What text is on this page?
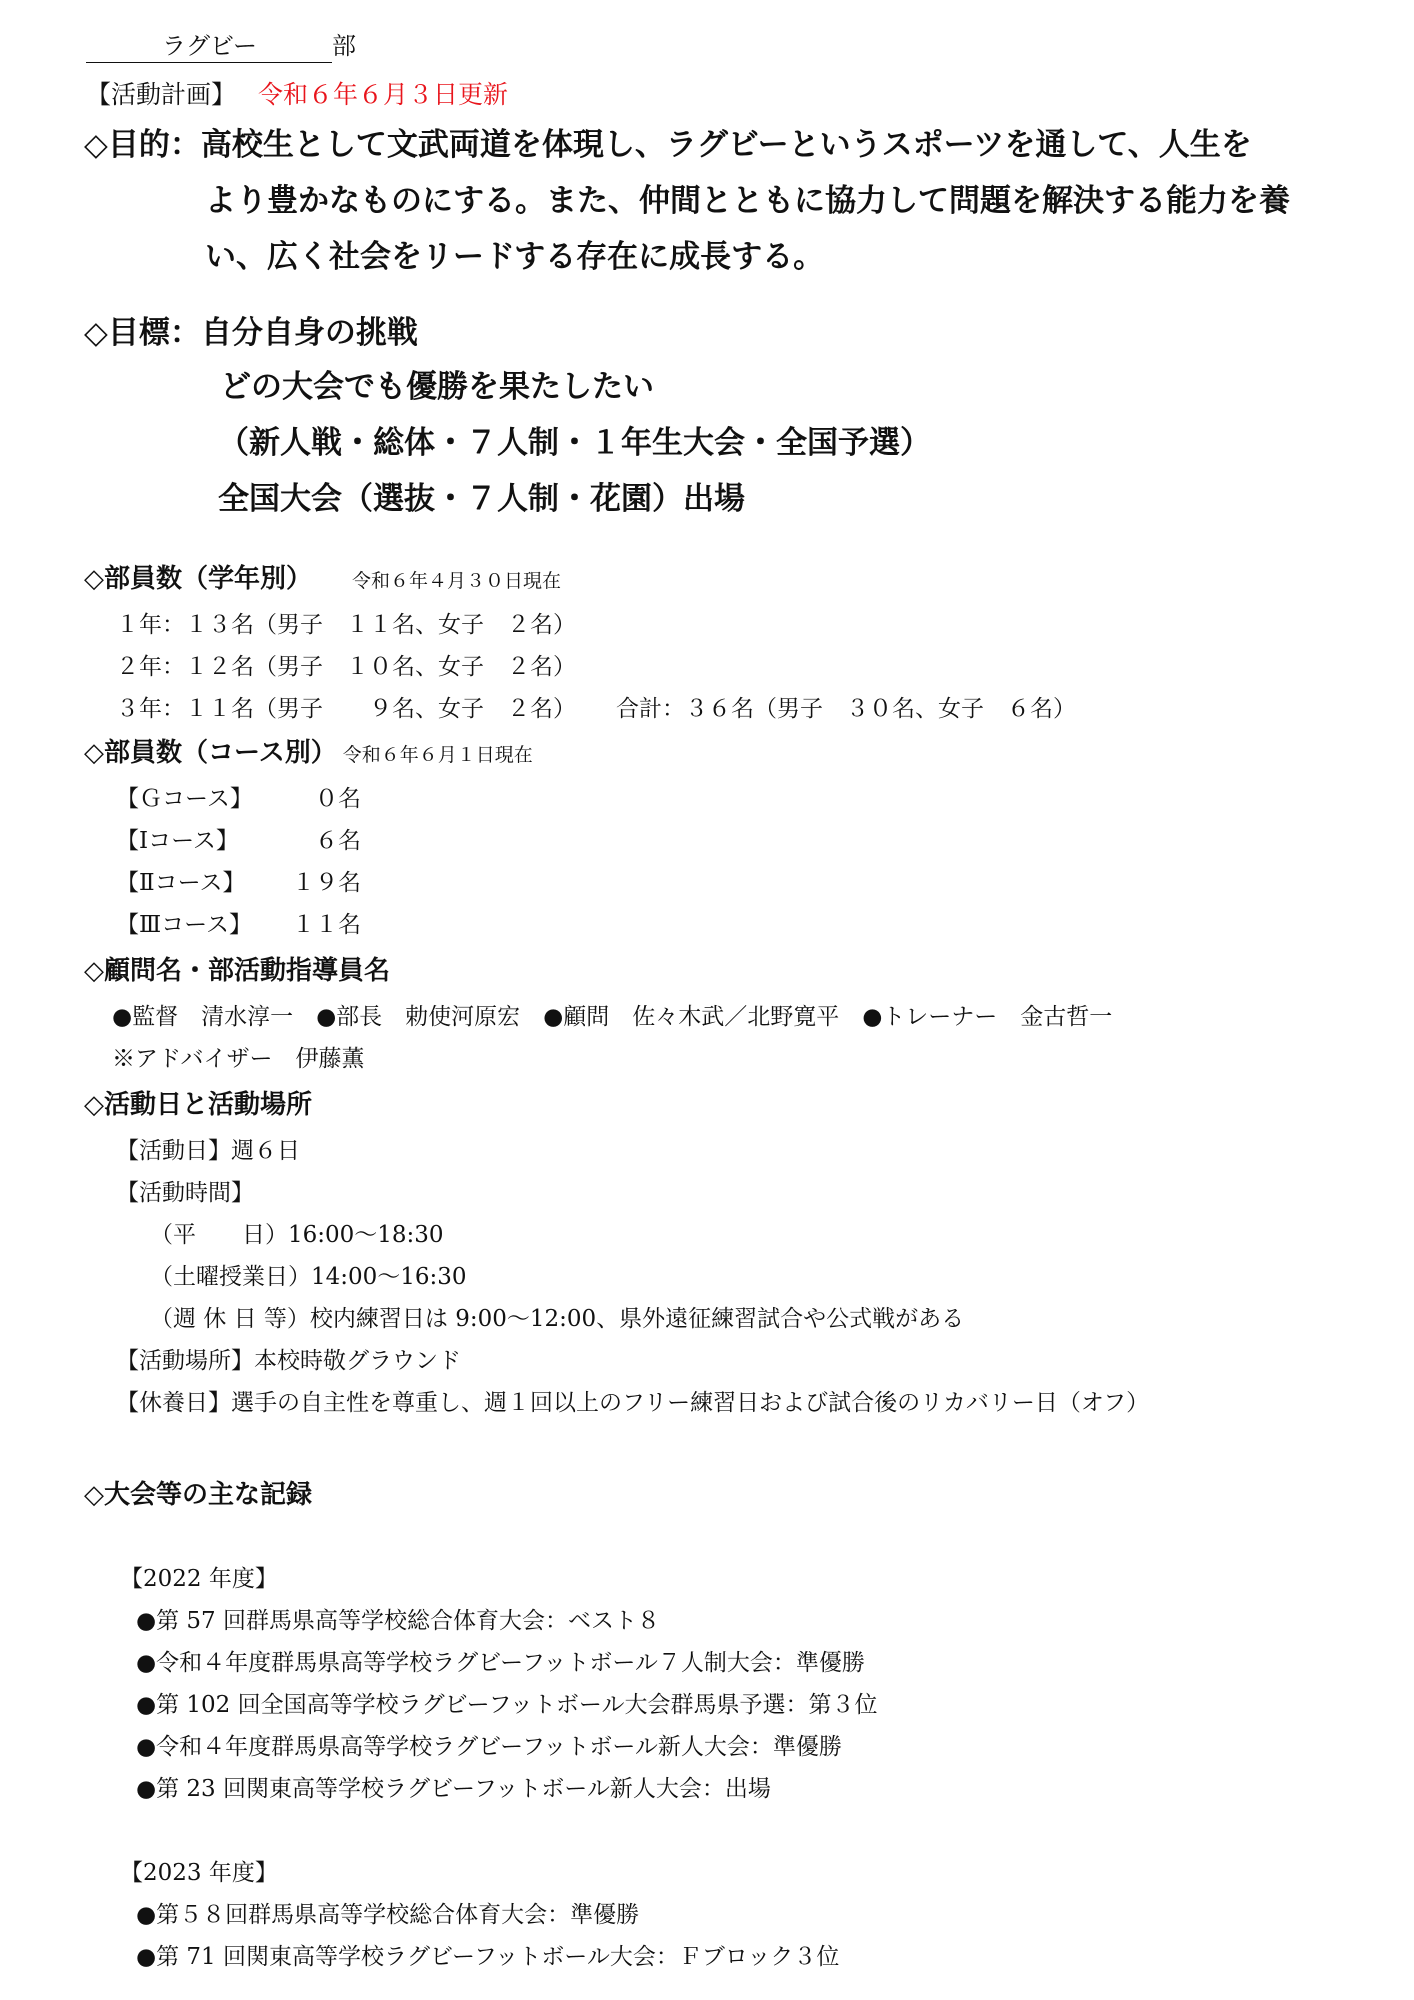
ラグビー	部
【活動計画】 令和６年６月３日更新
◇目的：高校生として文武両道を体現し、ラグビーというスポーツを通して、人生を
より豊かなものにする。また、仲間とともに協力して問題を解決する能力を養
い、広く社会をリードする存在に成長する。
◇目標：自分自身の挑戦
どの大会でも優勝を果たしたい
（新人戦・総体・７人制・１年生大会・全国予選）
全国大会（選抜・７人制・花園）出場
◇部員数（学年別） 令和６年４月３０日現在
１年：１３名（男子　１１名、女子　２名）
２年：１２名（男子　１０名、女子　２名）
３年：１１名（男子　　９名、女子　２名） 合計：３６名（男子　３０名、女子　６名）
◇部員数（コース別） 令和６年６月１日現在
【Ｇコース】	０名
【Ⅰコース】	６名
【Ⅱコース】 １９名
【Ⅲコース】 １１名
◇顧問名・部活動指導員名
●監督　清水淳一　●部長　勅使河原宏　●顧問　佐々木武／北野寛平　●トレーナー　金古哲一
※アドバイザー　伊藤薫
◇活動日と活動場所
【活動日】週６日
【活動時間】
（平　　日）16:00～18:30
（土曜授業日）14:00～16:30
（週 休 日 等）校内練習日は 9:00～12:00、県外遠征練習試合や公式戦がある
【活動場所】本校時敬グラウンド
【休養日】選手の自主性を尊重し、週１回以上のフリー練習日および試合後のリカバリー日（オフ）
◇大会等の主な記録
【2022 年度】
●第 57 回群馬県高等学校総合体育大会：ベスト８
●令和４年度群馬県高等学校ラグビーフットボール７人制大会：準優勝
●第 102 回全国高等学校ラグビーフットボール大会群馬県予選：第３位
●令和４年度群馬県高等学校ラグビーフットボール新人大会：準優勝
●第 23 回関東高等学校ラグビーフットボール新人大会：出場
【2023 年度】
●第５８回群馬県高等学校総合体育大会：準優勝
●第 71 回関東高等学校ラグビーフットボール大会：Ｆブロック３位
